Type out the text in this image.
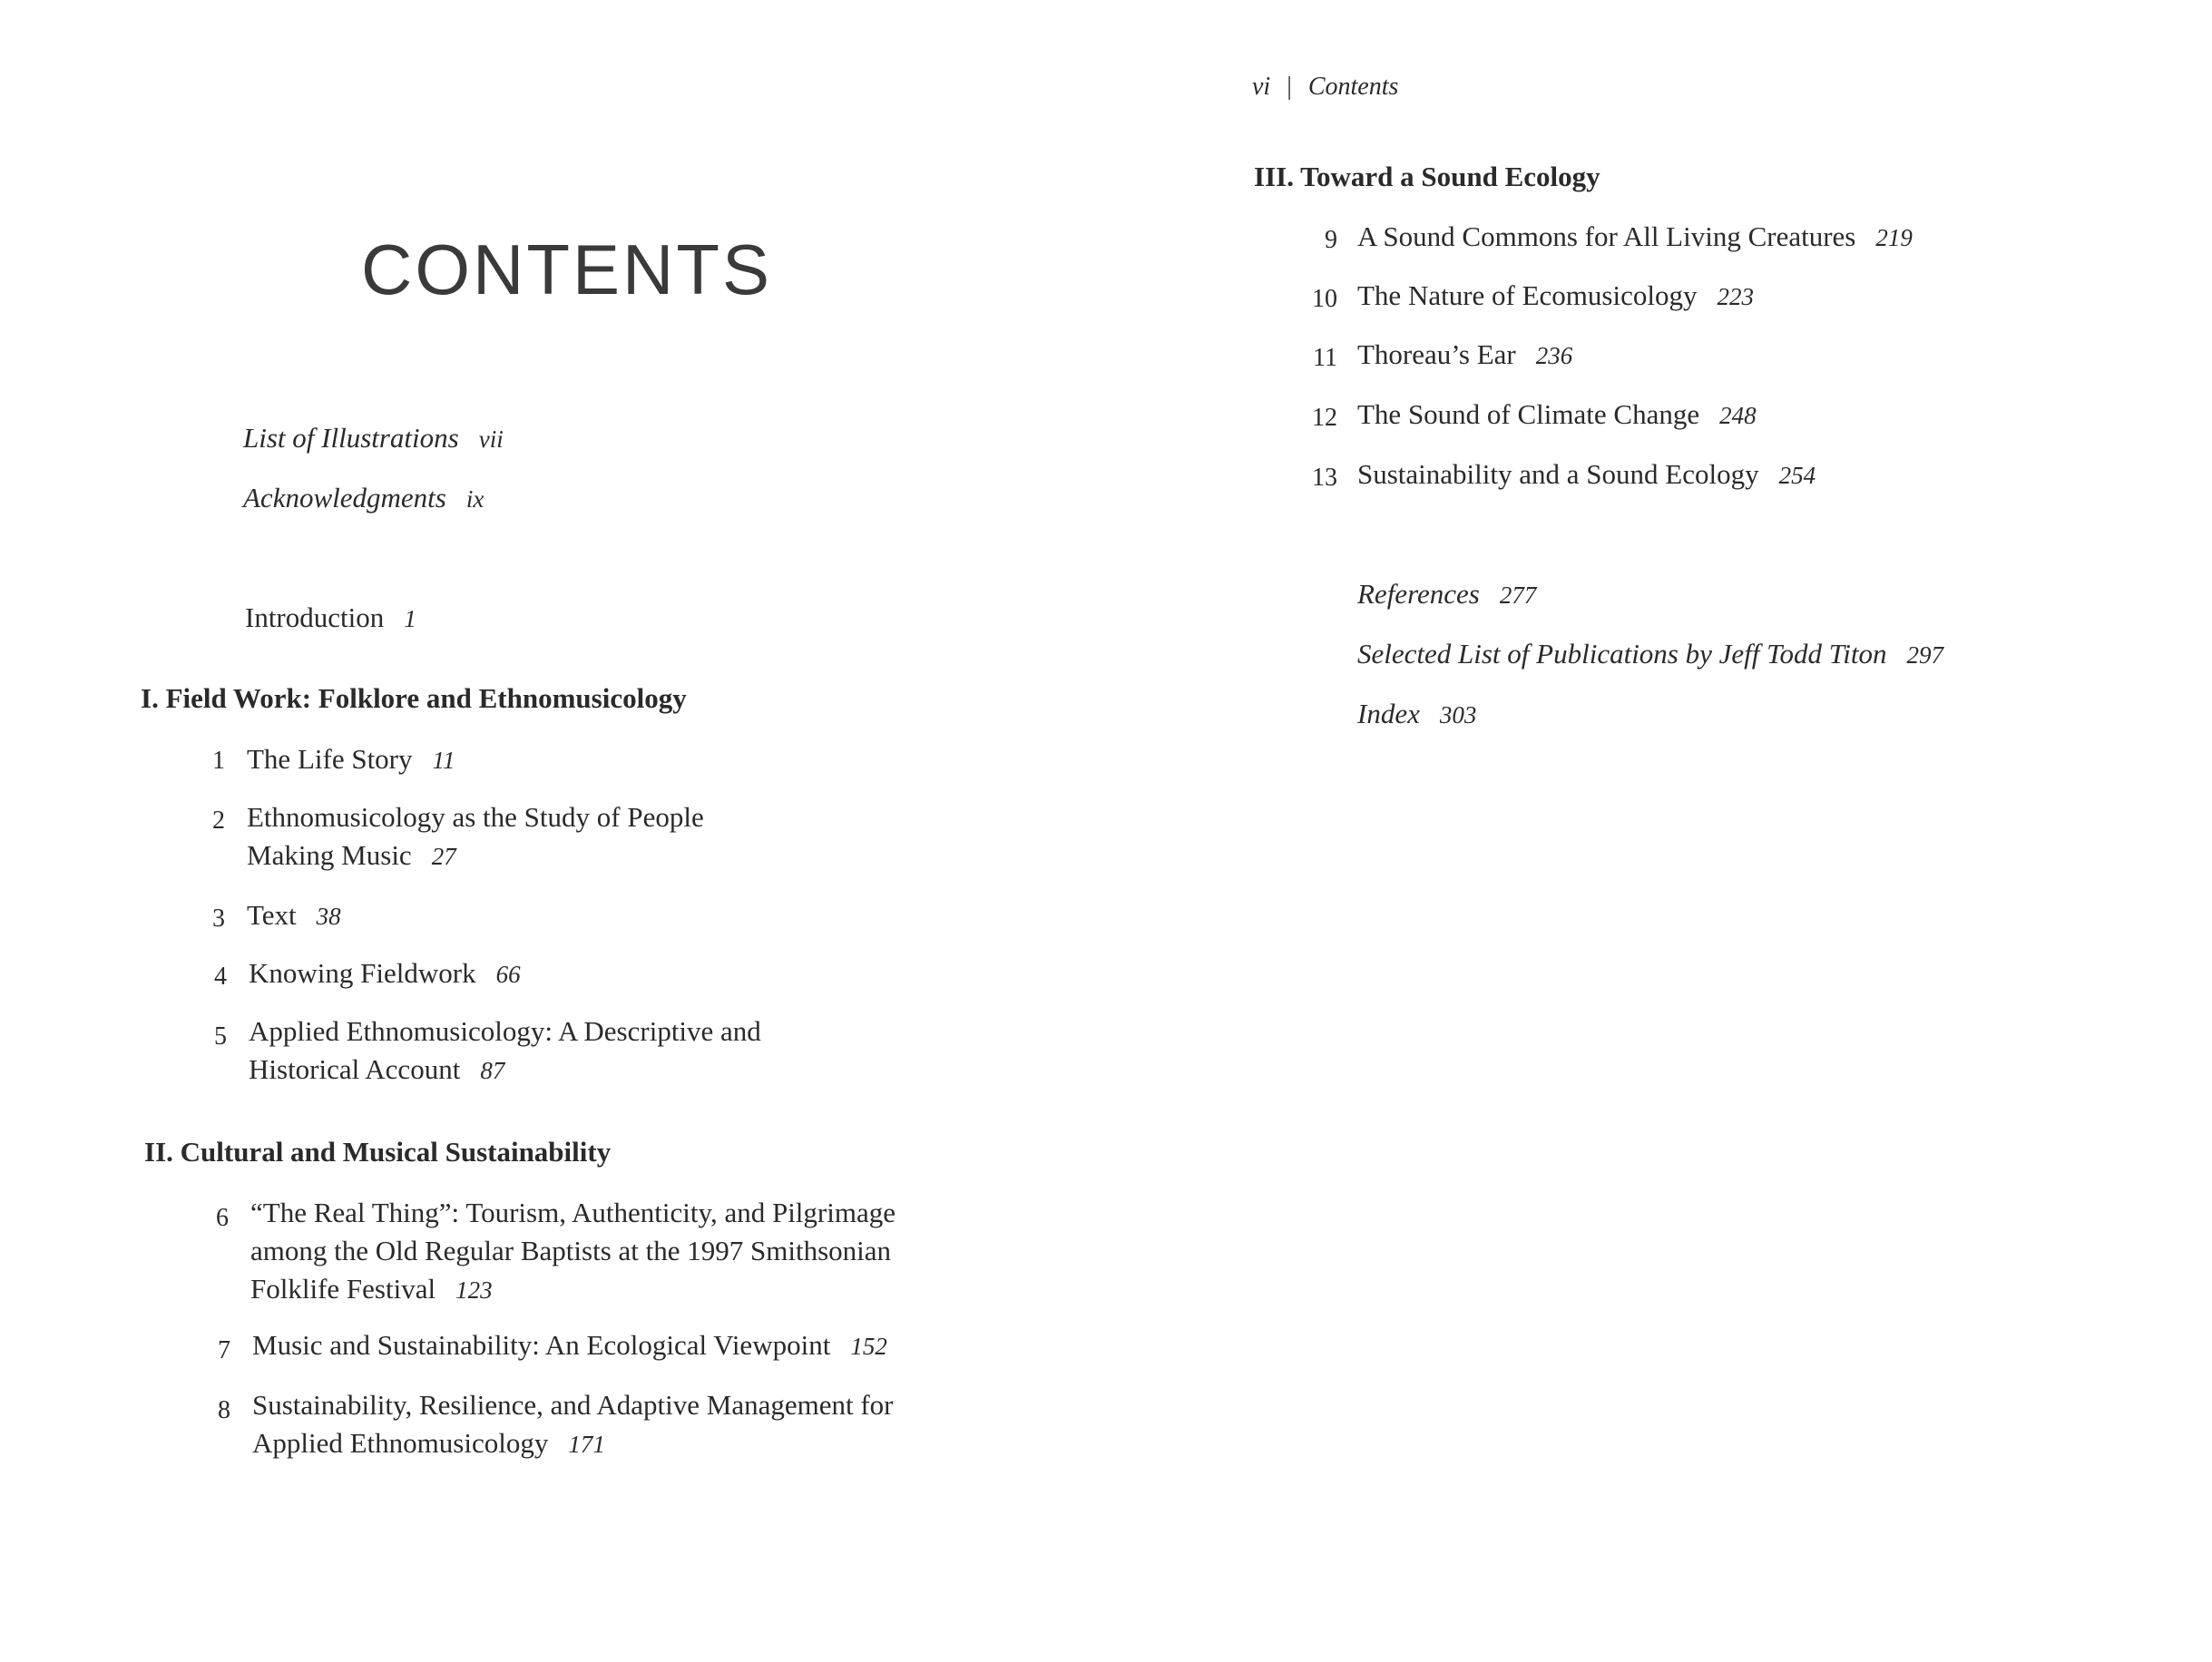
CONTENTS
List of Illustrations vii
Acknowledgments ix
Introduction 1
I. Field Work: Folklore and Ethnomusicology
1 The Life Story 11
2 Ethnomusicology as the Study of People
Making Music 27
3 Text 38
4 Knowing Fieldwork 66
5 Applied Ethnomusicology: A Descriptive and
Historical Account 87
II. Cultural and Musical Sustainability
6 “The Real Thing”: Tourism, Authenticity, and Pilgrimage
among the Old Regular Baptists at the 1997 Smithsonian
Folklife Festival 123
7 Music and Sustainability: An Ecological Viewpoint 152
8 Sustainability, Resilience, and Adaptive Management for
Applied Ethnomusicology 171
vi | Contents
III. Toward a Sound Ecology
9 A Sound Commons for All Living Creatures 219
10 The Nature of Ecomusicology 223
11 Thoreau’s Ear 236
12 The Sound of Climate Change 248
13 Sustainability and a Sound Ecology 254
References 277
Selected List of Publications by Jeff Todd Titon 297
Index 303
